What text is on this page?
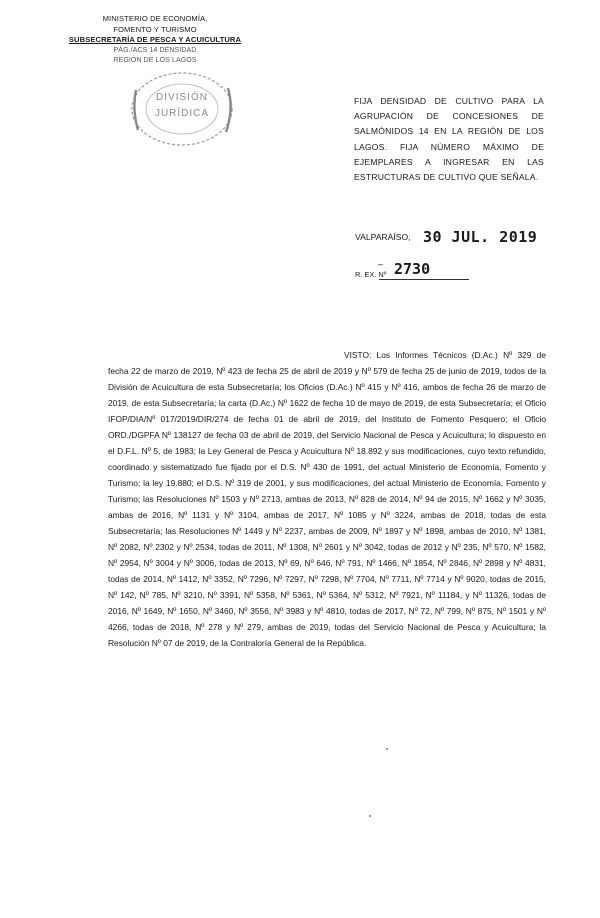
MINISTERIO DE ECONOMÍA,
FOMENTO Y TURISMO
SUBSECRETARÍA DE PESCA Y ACUICULTURA
PÁG./ACS 14 DENSIDAD
REGIÓN DE LOS LAGOS
DIVISIÓN
JURÍDICA
FIJA DENSIDAD DE CULTIVO PARA LA AGRUPACIÓN DE CONCESIONES DE SALMÓNIDOS 14 EN LA REGIÓN DE LOS LAGOS. FIJA NÚMERO MÁXIMO DE EJEMPLARES A INGRESAR EN LAS ESTRUCTURAS DE CULTIVO QUE SEÑALA.
VALPARAÍSO, 30 JUL. 2019
– 2730
R. EX. Nº
VISTO: Los Informes Técnicos (D.Ac.) Nº 329 de fecha 22 de marzo de 2019, Nº 423 de fecha 25 de abril de 2019 y Nº 579 de fecha 25 de junio de 2019, todos de la División de Acuicultura de esta Subsecretaría; los Oficios (D.Ac.) Nº 415 y Nº 416, ambos de fecha 26 de marzo de 2019, de esta Subsecretaría; la carta (D.Ac.) Nº 1622 de fecha 10 de mayo de 2019, de esta Subsecretaría; el Oficio IFOP/DIA/Nº 017/2019/DIR/274 de fecha 01 de abril de 2019, del Instituto de Fomento Pesquero; el Oficio ORD./DGPFA Nº 138127 de fecha 03 de abril de 2019, del Servicio Nacional de Pesca y Acuicultura; lo dispuesto en el D.F.L. Nº 5, de 1983; la Ley General de Pesca y Acuicultura Nº 18.892 y sus modificaciones, cuyo texto refundido, coordinado y sistematizado fue fijado por el D.S. Nº 430 de 1991, del actual Ministerio de Economía, Fomento y Turismo; la ley 19.880; el D.S. Nº 319 de 2001, y sus modificaciones, del actual Ministerio de Economía, Fomento y Turismo; las Resoluciones Nº 1503 y Nº 2713, ambas de 2013, Nº 828 de 2014, Nº 94 de 2015, Nº 1662 y Nº 3035, ambas de 2016, Nº 1131 y Nº 3104, ambas de 2017, Nº 1085 y Nº 3224, ambas de 2018, todas de esta Subsecretaría; las Resoluciones Nº 1449 y Nº 2237, ambas de 2009, Nº 1897 y Nº 1898, ambas de 2010, Nº 1381, Nº 2082, Nº 2302 y Nº 2534, todas de 2011, Nº 1308, Nº 2601 y Nº 3042, todas de 2012 y Nº 235, Nº 570, Nº 1582, Nº 2954, Nº 3004 y Nº 3006, todas de 2013, Nº 69, Nº 646, Nº 791, Nº 1466, Nº 1854, Nº 2846, Nº 2898 y Nº 4831, todas de 2014, Nº 1412, Nº 3352, Nº 7296, Nº 7297, Nº 7298, Nº 7704, Nº 7711, Nº 7714 y Nº 9020, todas de 2015, Nº 142, Nº 785, Nº 3210, Nº 3391, Nº 5358, Nº 5361, Nº 5364, Nº 5312, Nº 7921, Nº 11184, y Nº 11326, todas de 2016, Nº 1649, Nº 1650, Nº 3460, Nº 3556, Nº 3983 y Nº 4810, todas de 2017, Nº 72, Nº 799, Nº 875, Nº 1501 y Nº 4266, todas de 2018, Nº 278 y Nº 279, ambas de 2019, todas del Servicio Nacional de Pesca y Acuicultura; la Resolución Nº 07 de 2019, de la Contraloría General de la República.
